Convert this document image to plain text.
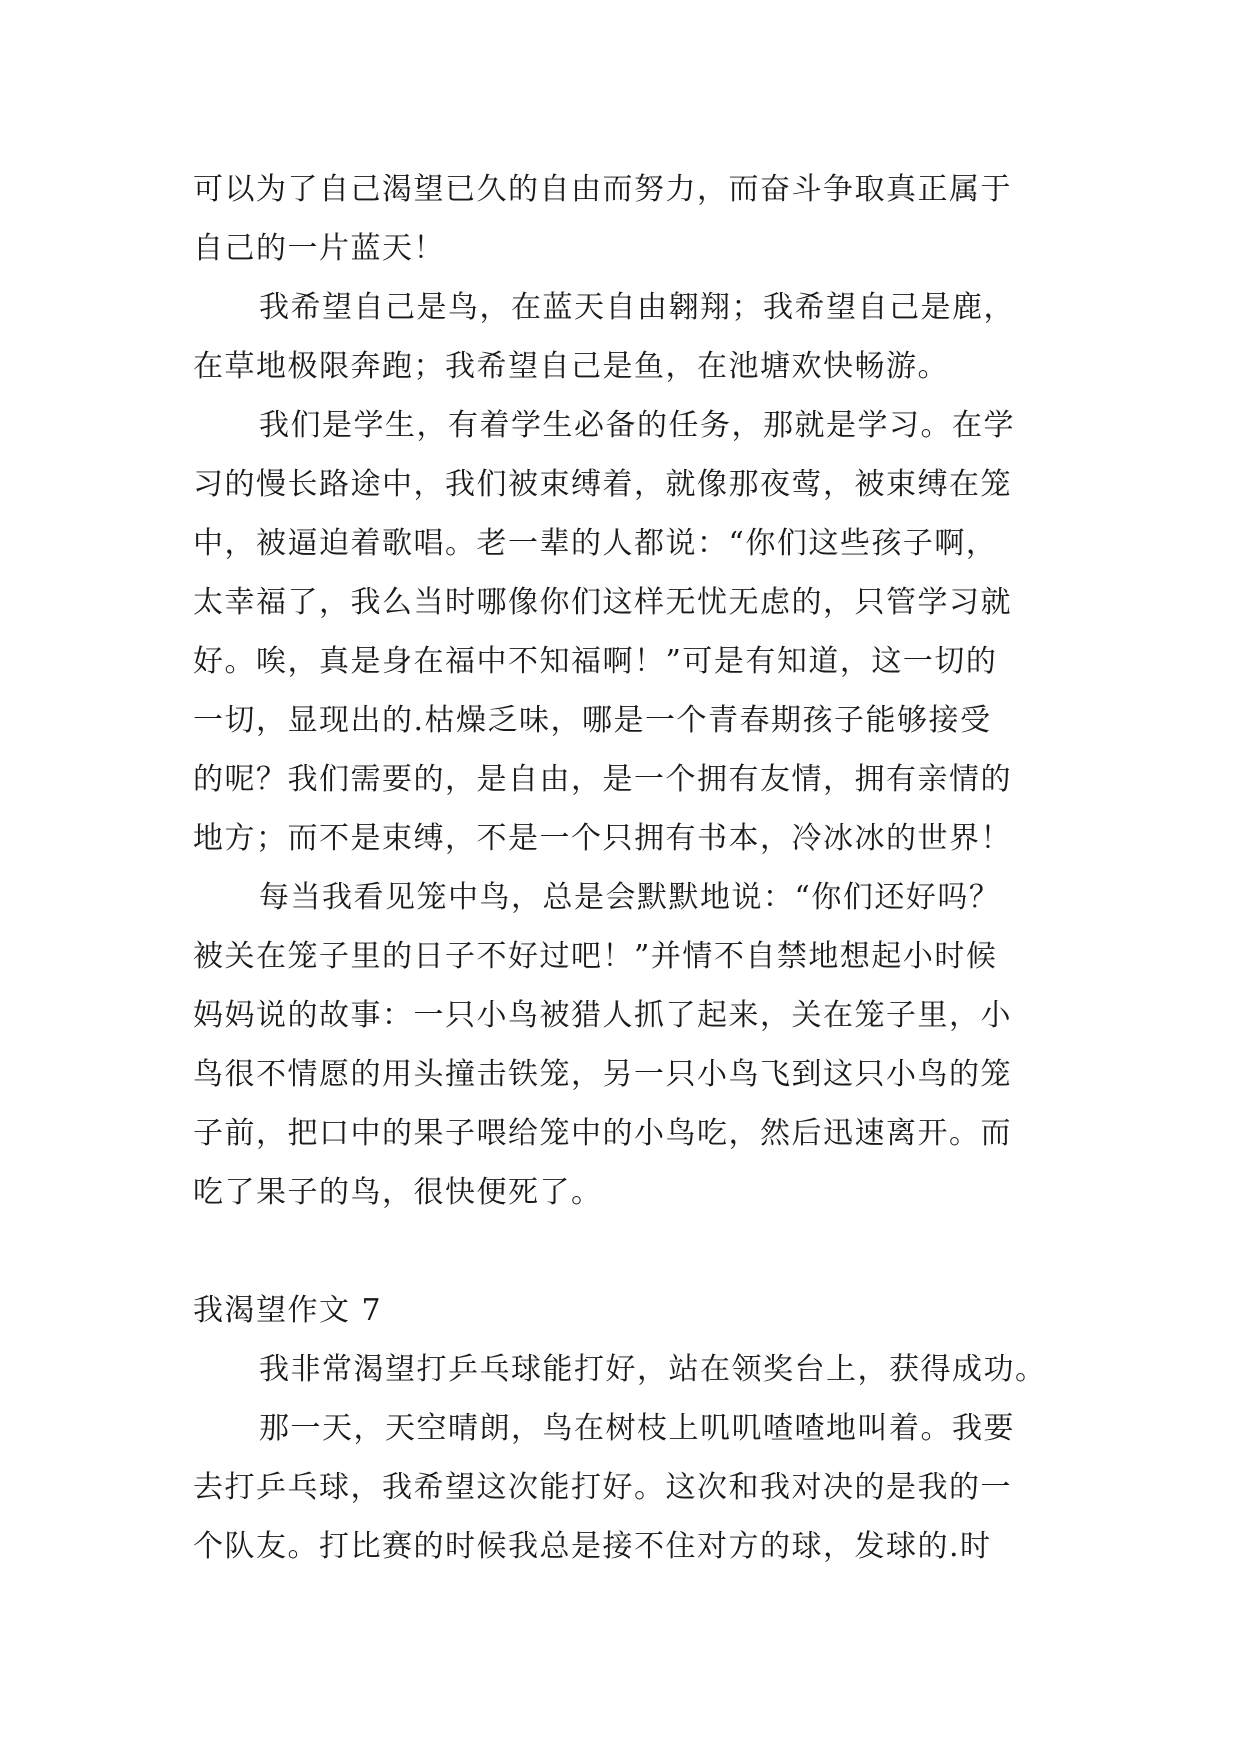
可以为了自己渴望已久的自由而努力，而奋斗争取真正属于
自己的一片蓝天！
我希望自己是鸟，在蓝天自由翱翔；我希望自己是鹿，
在草地极限奔跑；我希望自己是鱼，在池塘欢快畅游。
我们是学生，有着学生必备的任务，那就是学习。在学
习的慢长路途中，我们被束缚着，就像那夜莺，被束缚在笼
中，被逼迫着歌唱。老一辈的人都说：“你们这些孩子啊，
太幸福了，我么当时哪像你们这样无忧无虑的，只管学习就
好。唉，真是身在福中不知福啊！”可是有知道，这一切的
一切，显现出的.枯燥乏味，哪是一个青春期孩子能够接受
的呢？我们需要的，是自由，是一个拥有友情，拥有亲情的
地方；而不是束缚，不是一个只拥有书本，冷冰冰的世界！
每当我看见笼中鸟，总是会默默地说：“你们还好吗？
被关在笼子里的日子不好过吧！”并情不自禁地想起小时候
妈妈说的故事：一只小鸟被猎人抓了起来，关在笼子里，小
鸟很不情愿的用头撞击铁笼，另一只小鸟飞到这只小鸟的笼
子前，把口中的果子喂给笼中的小鸟吃，然后迅速离开。而
吃了果子的鸟，很快便死了。
我渴望作文 7
我非常渴望打乒乓球能打好，站在领奖台上，获得成功。
那一天，天空晴朗，鸟在树枝上叽叽喳喳地叫着。我要
去打乒乓球，我希望这次能打好。这次和我对决的是我的一
个队友。打比赛的时候我总是接不住对方的球，发球的.时
